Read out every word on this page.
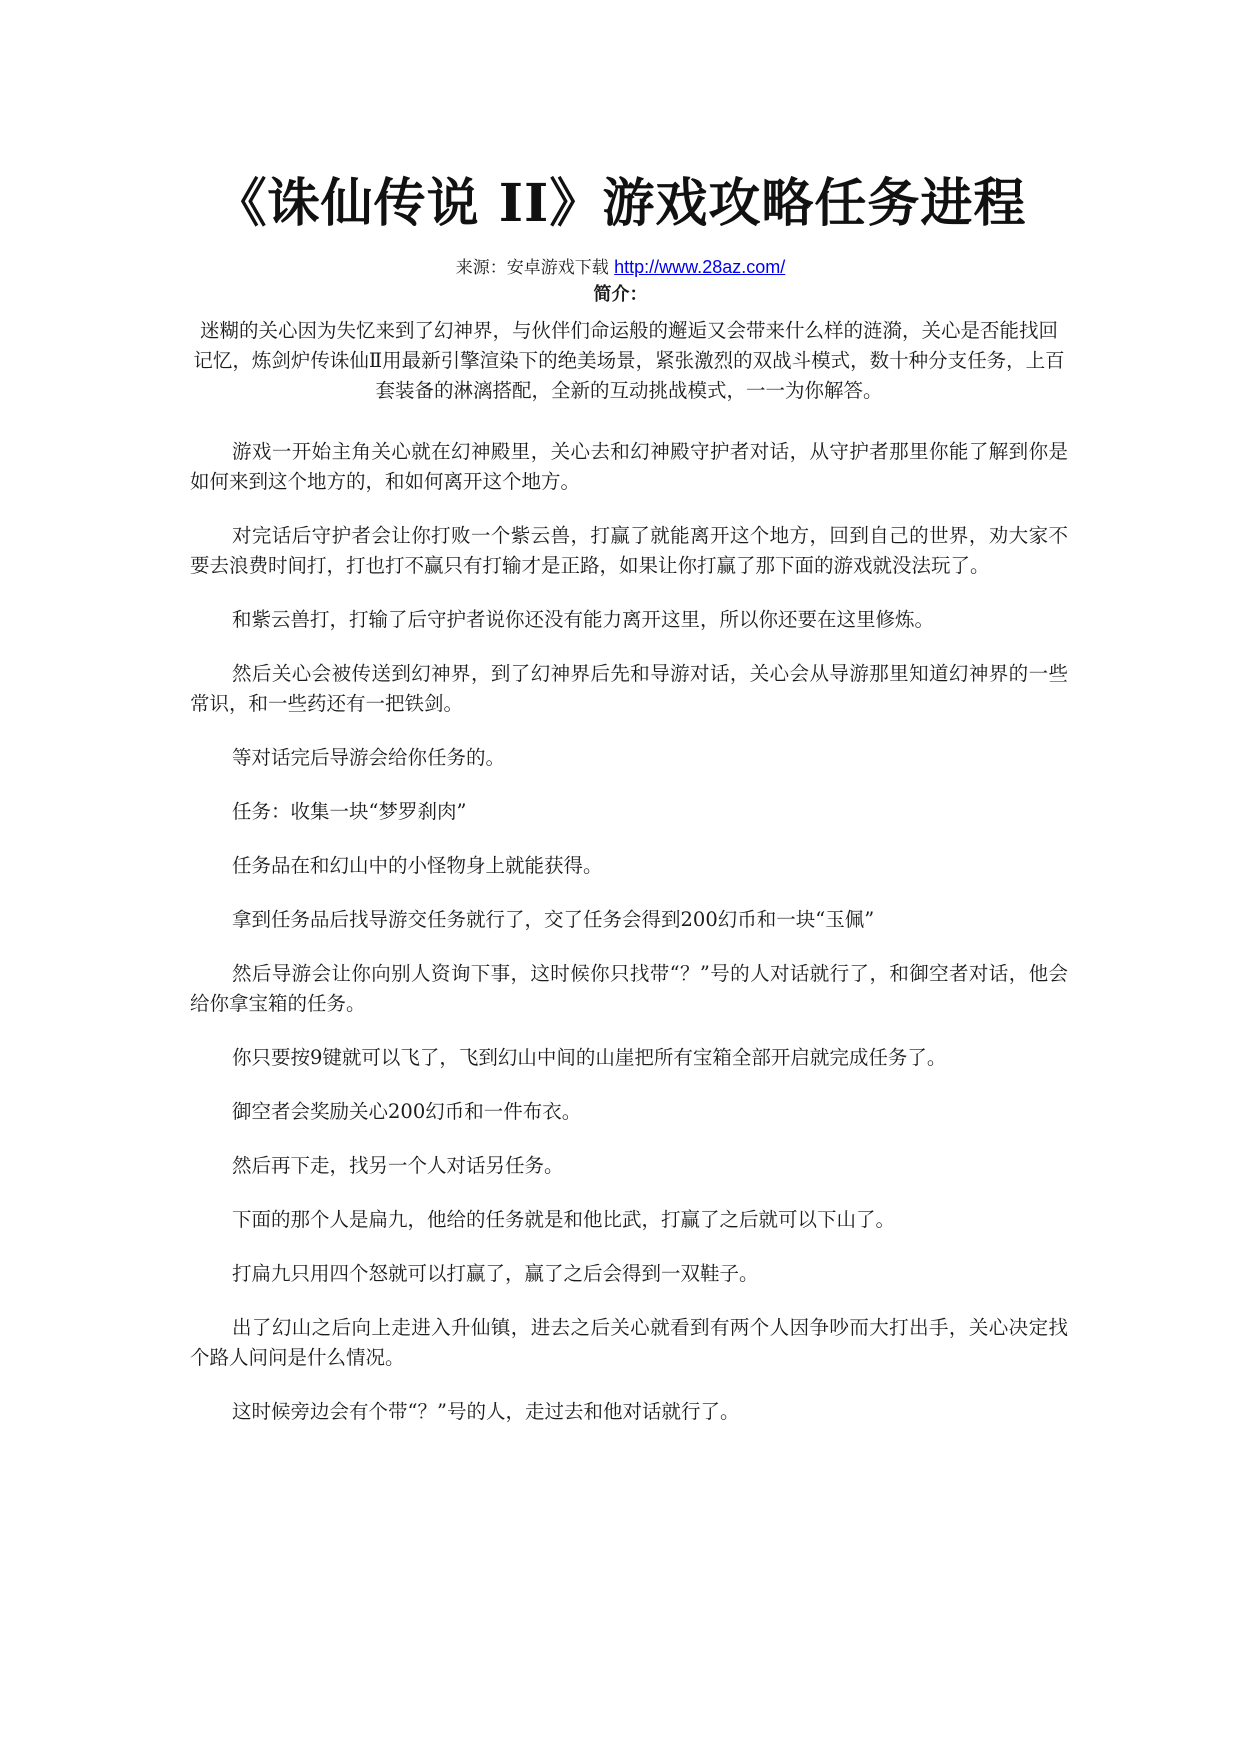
《诛仙传说 II》游戏攻略任务进程
来源：安卓游戏下载 http://www.28az.com/
简介：

迷糊的关心因为失忆来到了幻神界，与伙伴们命运般的邂逅又会带来什么样的涟漪，关心是否能找回记忆，炼剑炉传诛仙Ⅱ用最新引擎渲染下的绝美场景，紧张激烈的双战斗模式，数十种分支任务，上百套装备的淋漓搭配，全新的互动挑战模式，一一为你解答。

游戏一开始主角关心就在幻神殿里，关心去和幻神殿守护者对话，从守护者那里你能了解到你是如何来到这个地方的，和如何离开这个地方。

对完话后守护者会让你打败一个紫云兽，打赢了就能离开这个地方，回到自己的世界，劝大家不要去浪费时间打，打也打不赢只有打输才是正路，如果让你打赢了那下面的游戏就没法玩了。

和紫云兽打，打输了后守护者说你还没有能力离开这里，所以你还要在这里修炼。

然后关心会被传送到幻神界，到了幻神界后先和导游对话，关心会从导游那里知道幻神界的一些常识，和一些药还有一把铁剑。

等对话完后导游会给你任务的。

任务：收集一块“梦罗刹肉”

任务品在和幻山中的小怪物身上就能获得。

拿到任务品后找导游交任务就行了，交了任务会得到200幻币和一块“玉佩”

然后导游会让你向别人资询下事，这时候你只找带“？”号的人对话就行了，和御空者对话，他会给你拿宝箱的任务。

你只要按9键就可以飞了，飞到幻山中间的山崖把所有宝箱全部开启就完成任务了。

御空者会奖励关心200幻币和一件布衣。

然后再下走，找另一个人对话另任务。

下面的那个人是扁九，他给的任务就是和他比武，打赢了之后就可以下山了。

打扁九只用四个怒就可以打赢了，赢了之后会得到一双鞋子。

出了幻山之后向上走进入升仙镇，进去之后关心就看到有两个人因争吵而大打出手，关心决定找个路人问问是什么情况。

这时候旁边会有个带“？”号的人，走过去和他对话就行了。
